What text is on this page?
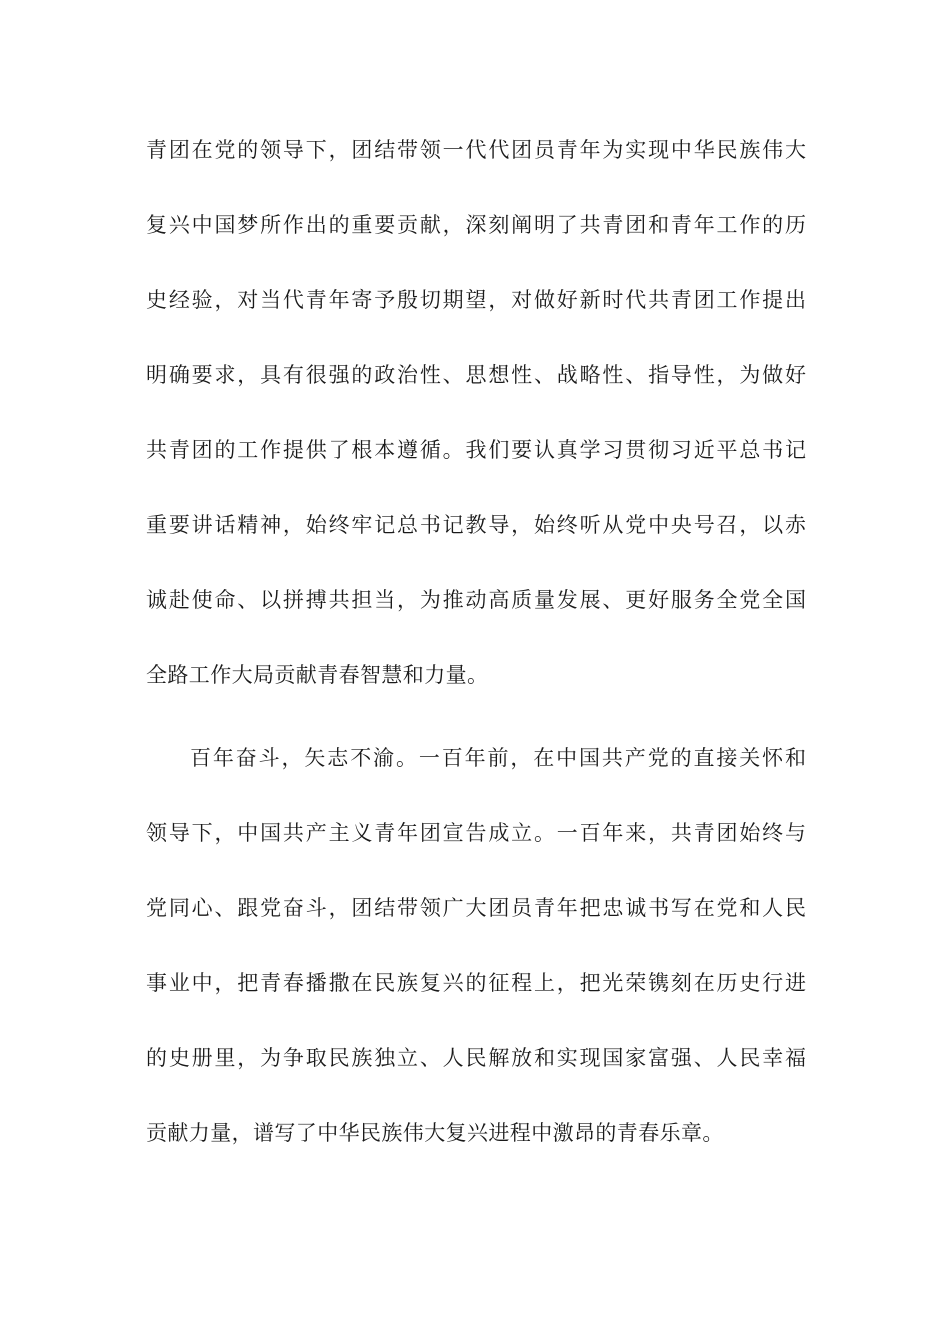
青团在党的领导下，团结带领一代代团员青年为实现中华民族伟大
复兴中国梦所作出的重要贡献，深刻阐明了共青团和青年工作的历
史经验，对当代青年寄予殷切期望，对做好新时代共青团工作提出
明确要求，具有很强的政治性、思想性、战略性、指导性，为做好
共青团的工作提供了根本遵循。我们要认真学习贯彻习近平总书记
重要讲话精神，始终牢记总书记教导，始终听从党中央号召，以赤
诚赴使命、以拼搏共担当，为推动高质量发展、更好服务全党全国
全路工作大局贡献青春智慧和力量。
百年奋斗，矢志不渝。一百年前，在中国共产党的直接关怀和
领导下，中国共产主义青年团宣告成立。一百年来，共青团始终与
党同心、跟党奋斗，团结带领广大团员青年把忠诚书写在党和人民
事业中，把青春播撒在民族复兴的征程上，把光荣镌刻在历史行进
的史册里，为争取民族独立、人民解放和实现国家富强、人民幸福
贡献力量，谱写了中华民族伟大复兴进程中激昂的青春乐章。
